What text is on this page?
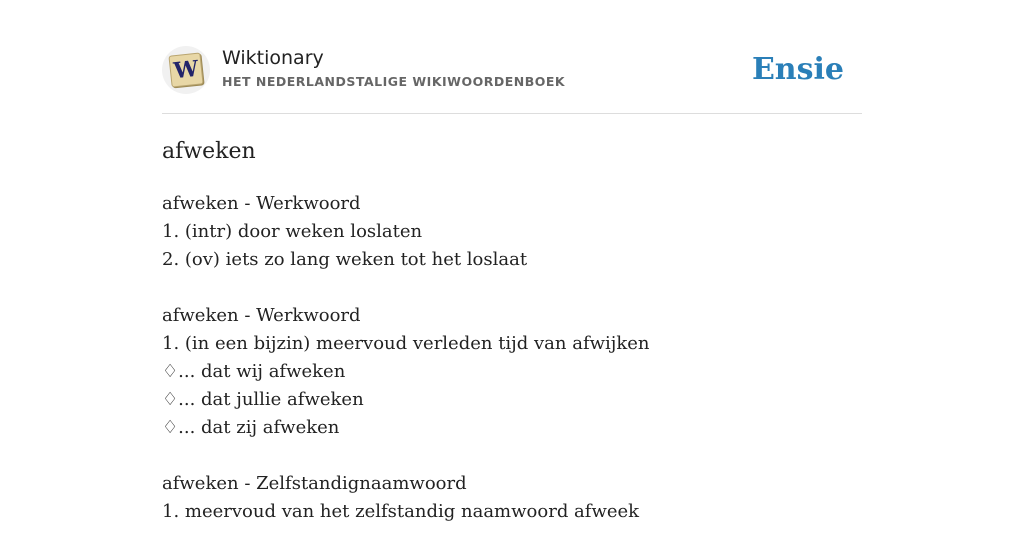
W Wiktionary
HET NEDERLANDSTALIGE WIKIWOORDENBOEK	Ensie
afweken
afweken - Werkwoord
1. (intr) door weken loslaten
2. (ov) iets zo lang weken tot het loslaat
afweken - Werkwoord
1. (in een bijzin) meervoud verleden tijd van afwijken
♢... dat wij afweken
♢... dat jullie afweken
♢... dat zij afweken
afweken - Zelfstandignaamwoord
1. meervoud van het zelfstandig naamwoord afweek
